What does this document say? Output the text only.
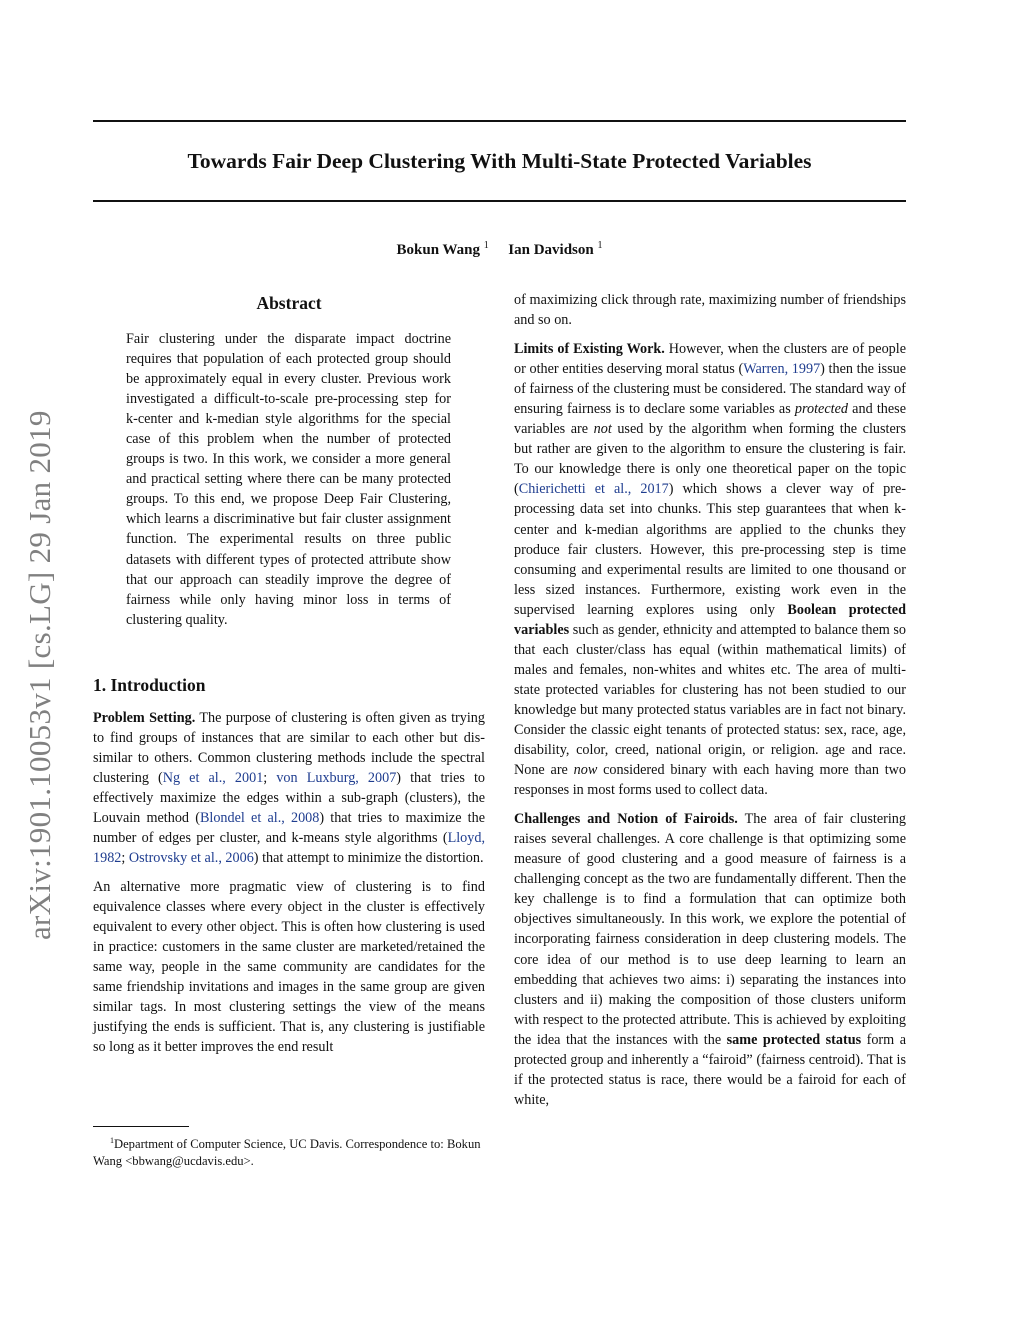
Towards Fair Deep Clustering With Multi-State Protected Variables
Bokun Wang $^1$ Ian Davidson $^1$
arXiv:1901.10053v1 [cs.LG] 29 Jan 2019
Abstract

Fair clustering under the disparate impact doctrine requires that population of each protected group should be approximately equal in every cluster. Previous work investigated a difficult-to-scale pre-processing step for k-center and k-median style algorithms for the special case of this problem when the number of protected groups is two. In this work, we consider a more general and practical setting where there can be many protected groups. To this end, we propose Deep Fair Clustering, which learns a discriminative but fair cluster assignment function. The experimental results on three public datasets with different types of protected attribute show that our approach can steadily improve the degree of fairness while only having minor loss in terms of clustering quality.

1. Introduction

Problem Setting. The purpose of clustering is often given as trying to find groups of instances that are similar to each other but dis-similar to others. Common clustering methods include the spectral clustering (Ng et al., 2001; von Luxburg, 2007) that tries to effectively maximize the edges within a sub-graph (clusters), the Louvain method (Blondel et al., 2008) that tries to maximize the number of edges per cluster, and k-means style algorithms (Lloyd, 1982; Ostrovsky et al., 2006) that attempt to minimize the distortion.

An alternative more pragmatic view of clustering is to find equivalence classes where every object in the cluster is effectively equivalent to every other object. This is often how clustering is used in practice: customers in the same cluster are marketed/retained the same way, people in the same community are candidates for the same friendship invitations and images in the same group are given similar tags. In most clustering settings the view of the means justifying the ends is sufficient. That is, any clustering is justifiable so long as it better improves the end result

$^1$Department of Computer Science, UC Davis. Correspondence to: Bokun Wang <bbwang@ucdavis.edu>.

of maximizing click through rate, maximizing number of friendships and so on.

Limits of Existing Work. However, when the clusters are of people or other entities deserving moral status (Warren, 1997) then the issue of fairness of the clustering must be considered. The standard way of ensuring fairness is to declare some variables as protected and these variables are not used by the algorithm when forming the clusters but rather are given to the algorithm to ensure the clustering is fair. To our knowledge there is only one theoretical paper on the topic (Chierichetti et al., 2017) which shows a clever way of pre-processing data set into chunks. This step guarantees that when k-center and k-median algorithms are applied to the chunks they produce fair clusters. However, this pre-processing step is time consuming and experimental results are limited to one thousand or less sized instances. Furthermore, existing work even in the supervised learning explores using only Boolean protected variables such as gender, ethnicity and attempted to balance them so that each cluster/class has equal (within mathematical limits) of males and females, non-whites and whites etc. The area of multi-state protected variables for clustering has not been studied to our knowledge but many protected status variables are in fact not binary. Consider the classic eight tenants of protected status: sex, race, age, disability, color, creed, national origin, or religion. age and race. None are now considered binary with each having more than two responses in most forms used to collect data.

Challenges and Notion of Fairoids. The area of fair clustering raises several challenges. A core challenge is that optimizing some measure of good clustering and a good measure of fairness is a challenging concept as the two are fundamentally different. Then the key challenge is to find a formulation that can optimize both objectives simultaneously. In this work, we explore the potential of incorporating fairness consideration in deep clustering models. The core idea of our method is to use deep learning to learn an embedding that achieves two aims: i) separating the instances into clusters and ii) making the composition of those clusters uniform with respect to the protected attribute. This is achieved by exploiting the idea that the instances with the same protected status form a protected group and inherently a “fairoid” (fairness centroid). That is if the protected status is race, there would be a fairoid for each of white,
